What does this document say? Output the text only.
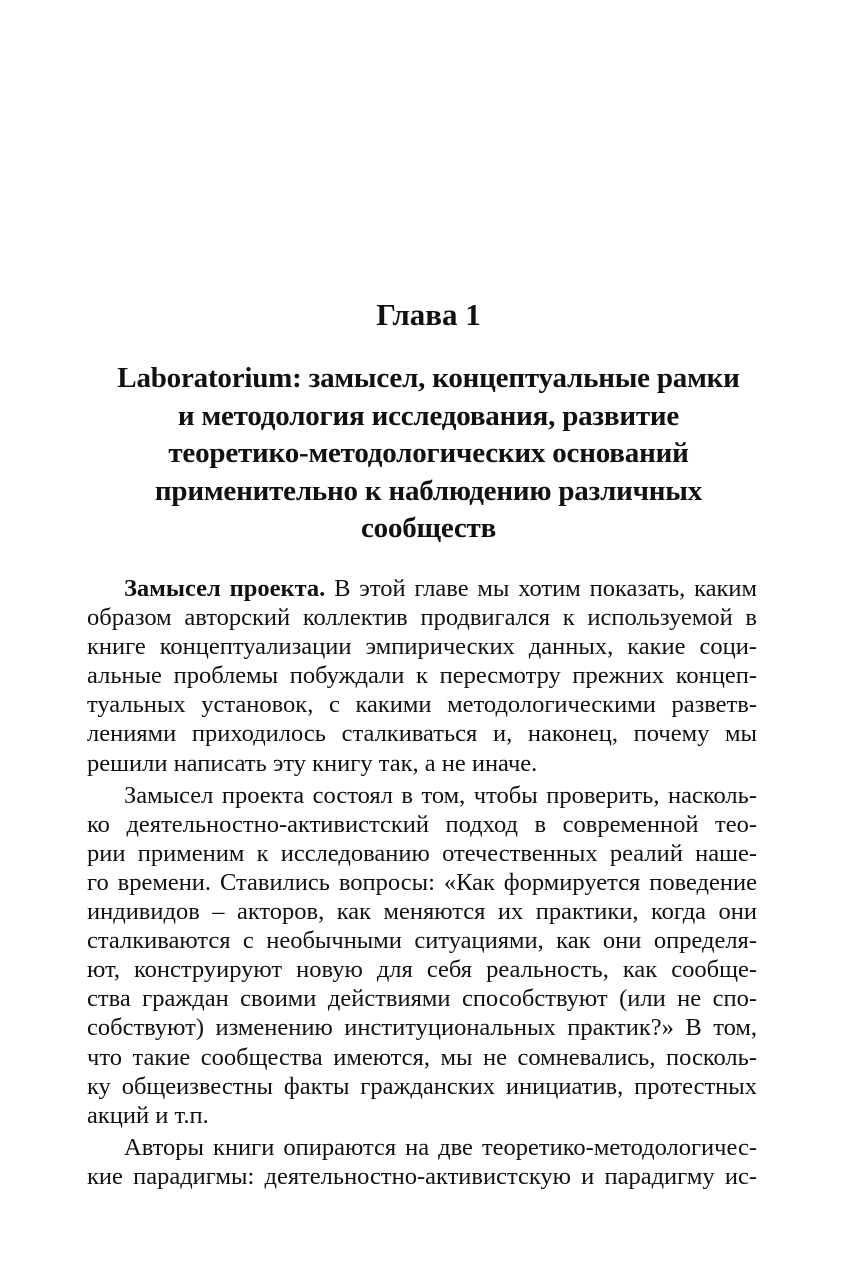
Глава 1
Laboratorium: замысел, концептуальные рамки
и методология исследования, развитие
теоретико-методологических оснований
применительно к наблюдению различных
сообществ
Замысел проекта. В этой главе мы хотим показать, каким
образом авторский коллектив продвигался к используемой в
книге концептуализации эмпирических данных, какие соци-
альные проблемы побуждали к пересмотру прежних концеп-
туальных установок, с какими методологическими разветв-
лениями приходилось сталкиваться и, наконец, почему мы
решили написать эту книгу так, а не иначе.
Замысел проекта состоял в том, чтобы проверить, насколь-
ко деятельностно-активистский подход в современной тео-
рии применим к исследованию отечественных реалий наше-
го времени. Ставились вопросы: «Как формируется поведение
индивидов – акторов, как меняются их практики, когда они
сталкиваются с необычными ситуациями, как они определя-
ют, конструируют новую для себя реальность, как сообще-
ства граждан своими действиями способствуют (или не спо-
собствуют) изменению институциональных практик?» В том,
что такие сообщества имеются, мы не сомневались, посколь-
ку общеизвестны факты гражданских инициатив, протестных
акций и т.п.
Авторы книги опираются на две теоретико-методологичес-
кие парадигмы: деятельностно-активистскую и парадигму ис-
